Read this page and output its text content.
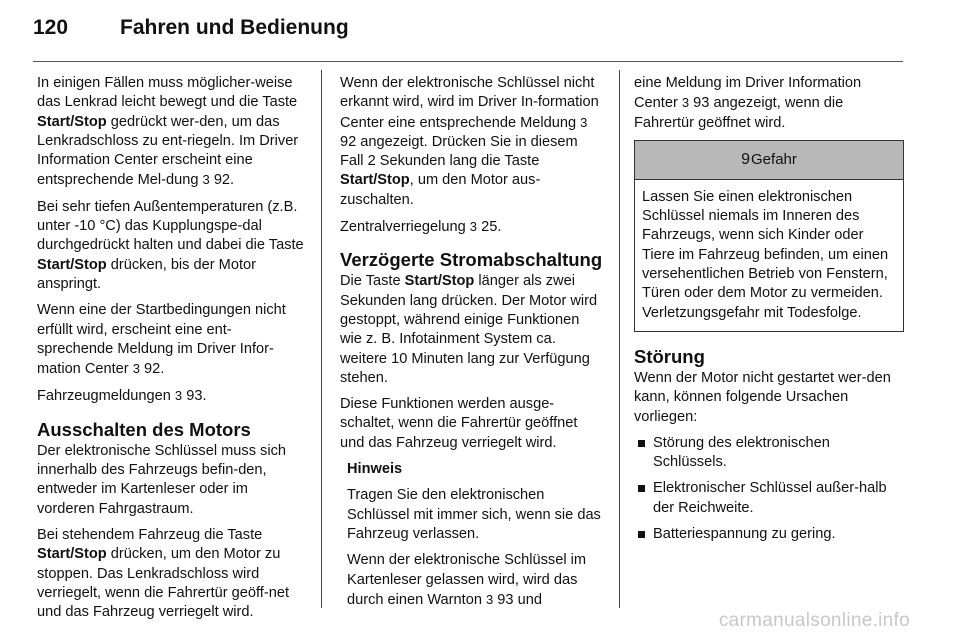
120 Fahren und Bedienung

In einigen Fällen muss möglicher-weise das Lenkrad leicht bewegt und die Taste Start/Stop gedrückt wer-den, um das Lenkradschloss zu ent-riegeln. Im Driver Information Center erscheint eine entsprechende Mel-dung 3 92.

Bei sehr tiefen Außentemperaturen (z.B. unter -10 °C) das Kupplungspe-dal durchgedrückt halten und dabei die Taste Start/Stop drücken, bis der Motor anspringt.

Wenn eine der Startbedingungen nicht erfüllt wird, erscheint eine ent-sprechende Meldung im Driver Infor-mation Center 3 92.

Fahrzeugmeldungen 3 93.

Ausschalten des Motors

Der elektronische Schlüssel muss sich innerhalb des Fahrzeugs befin-den, entweder im Kartenleser oder im vorderen Fahrgastraum.

Bei stehendem Fahrzeug die Taste Start/Stop drücken, um den Motor zu stoppen. Das Lenkradschloss wird verriegelt, wenn die Fahrertür geöff-net und das Fahrzeug verriegelt wird.

Wenn der elektronische Schlüssel nicht erkannt wird, wird im Driver In-formation Center eine entsprechende Meldung 3 92 angezeigt. Drücken Sie in diesem Fall 2 Sekunden lang die Taste Start/Stop, um den Motor aus-zuschalten.

Zentralverriegelung 3 25.

Verzögerte Stromabschaltung

Die Taste Start/Stop länger als zwei Sekunden lang drücken. Der Motor wird gestoppt, während einige Funktionen wie z. B. Infotainment System ca. weitere 10 Minuten lang zur Verfügung stehen.

Diese Funktionen werden ausge-schaltet, wenn die Fahrertür geöffnet und das Fahrzeug verriegelt wird.

Hinweis

Tragen Sie den elektronischen Schlüssel mit immer sich, wenn sie das Fahrzeug verlassen.

Wenn der elektronische Schlüssel im Kartenleser gelassen wird, wird das durch einen Warnton 3 93 und

eine Meldung im Driver Information Center 3 93 angezeigt, wenn die Fahrertür geöffnet wird.

9Gefahr
Lassen Sie einen elektronischen Schlüssel niemals im Inneren des Fahrzeugs, wenn sich Kinder oder Tiere im Fahrzeug befinden, um einen versehentlichen Betrieb von Fenstern, Türen oder dem Motor zu vermeiden. Verletzungsgefahr mit Todesfolge.
Störung

Wenn der Motor nicht gestartet wer-den kann, können folgende Ursachen vorliegen:

Störung des elektronischen Schlüssels.
Elektronischer Schlüssel außer-halb der Reichweite.
Batteriespannung zu gering.
carmanualsonline.info
